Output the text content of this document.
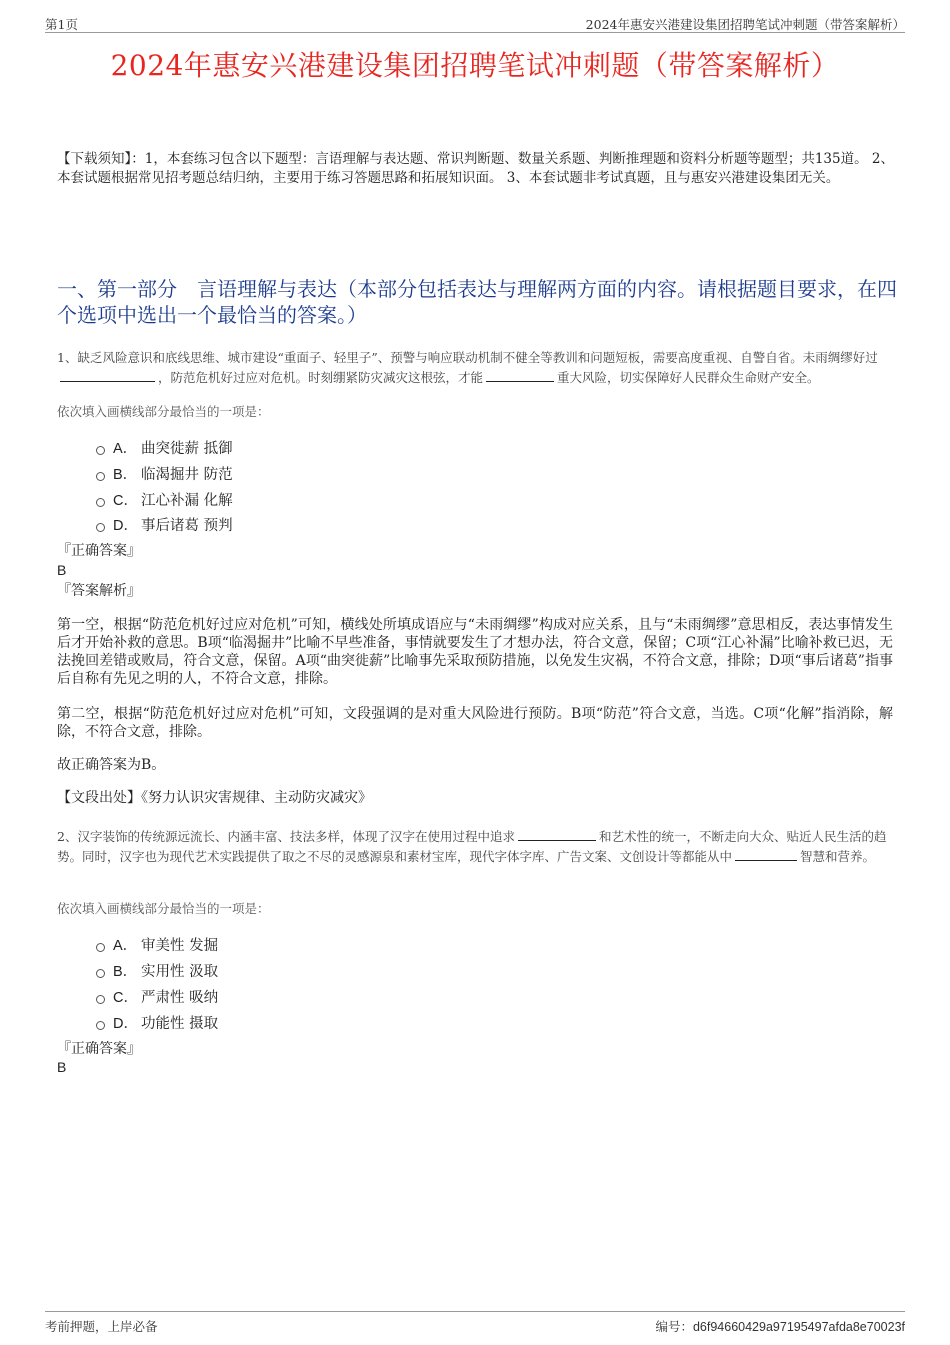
第1页	2024年惠安兴港建设集团招聘笔试冲刺题（带答案解析）
2024年惠安兴港建设集团招聘笔试冲刺题（带答案解析）
【下载须知】：1，本套练习包含以下题型：言语理解与表达题、常识判断题、数量关系题、判断推理题和资料分析题等题型；共135道。 2、本套试题根据常见招考题总结归纳，主要用于练习答题思路和拓展知识面。 3、本套试题非考试真题，且与惠安兴港建设集团无关。
一、第一部分　言语理解与表达（本部分包括表达与理解两方面的内容。请根据题目要求，在四个选项中选出一个最恰当的答案。）
1、缺乏风险意识和底线思维、城市建设“重面子、轻里子”、预警与响应联动机制不健全等教训和问题短板，需要高度重视、自警自省。未雨绸缪好过，防范危机好过应对危机。时刻绷紧防灾减灾这根弦，才能	重大风险，切实保障好人民群众生命财产安全。
依次填入画横线部分最恰当的一项是：
A． 曲突徙薪 抵御
B． 临渴掘井 防范
C． 江心补漏 化解
D． 事后诸葛 预判
『正确答案』
B
『答案解析』
第一空，根据“防范危机好过应对危机”可知，横线处所填成语应与“未雨绸缪”构成对应关系，且与“未雨绸缪”意思相反，表达事情发生后才开始补救的意思。B项“临渴掘井”比喻不早些准备，事情就要发生了才想办法，符合文意，保留；C项“江心补漏”比喻补救已迟，无法挽回差错或败局，符合文意，保留。A项“曲突徙薪”比喻事先采取预防措施，以免发生灾祸，不符合文意，排除；D项“事后诸葛”指事后自称有先见之明的人，不符合文意，排除。
第二空，根据“防范危机好过应对危机”可知，文段强调的是对重大风险进行预防。B项“防范”符合文意，当选。C项“化解”指消除，解除，不符合文意，排除。
故正确答案为B。
【文段出处】《努力认识灾害规律、主动防灾减灾》
2、汉字装饰的传统源远流长、内涵丰富、技法多样，体现了汉字在使用过程中追求	和艺术性的统一，不断走向大众、贴近人民生活的趋势。同时，汉字也为现代艺术实践提供了取之不尽的灵感源泉和素材宝库，现代字体字库、广告文案、文创设计等都能从中	智慧和营养。
依次填入画横线部分最恰当的一项是：
A． 审美性 发掘
B． 实用性 汲取
C． 严肃性 吸纳
D． 功能性 摄取
『正确答案』
B
考前押题，上岸必备	编号：d6f94660429a97195497afda8e70023f
